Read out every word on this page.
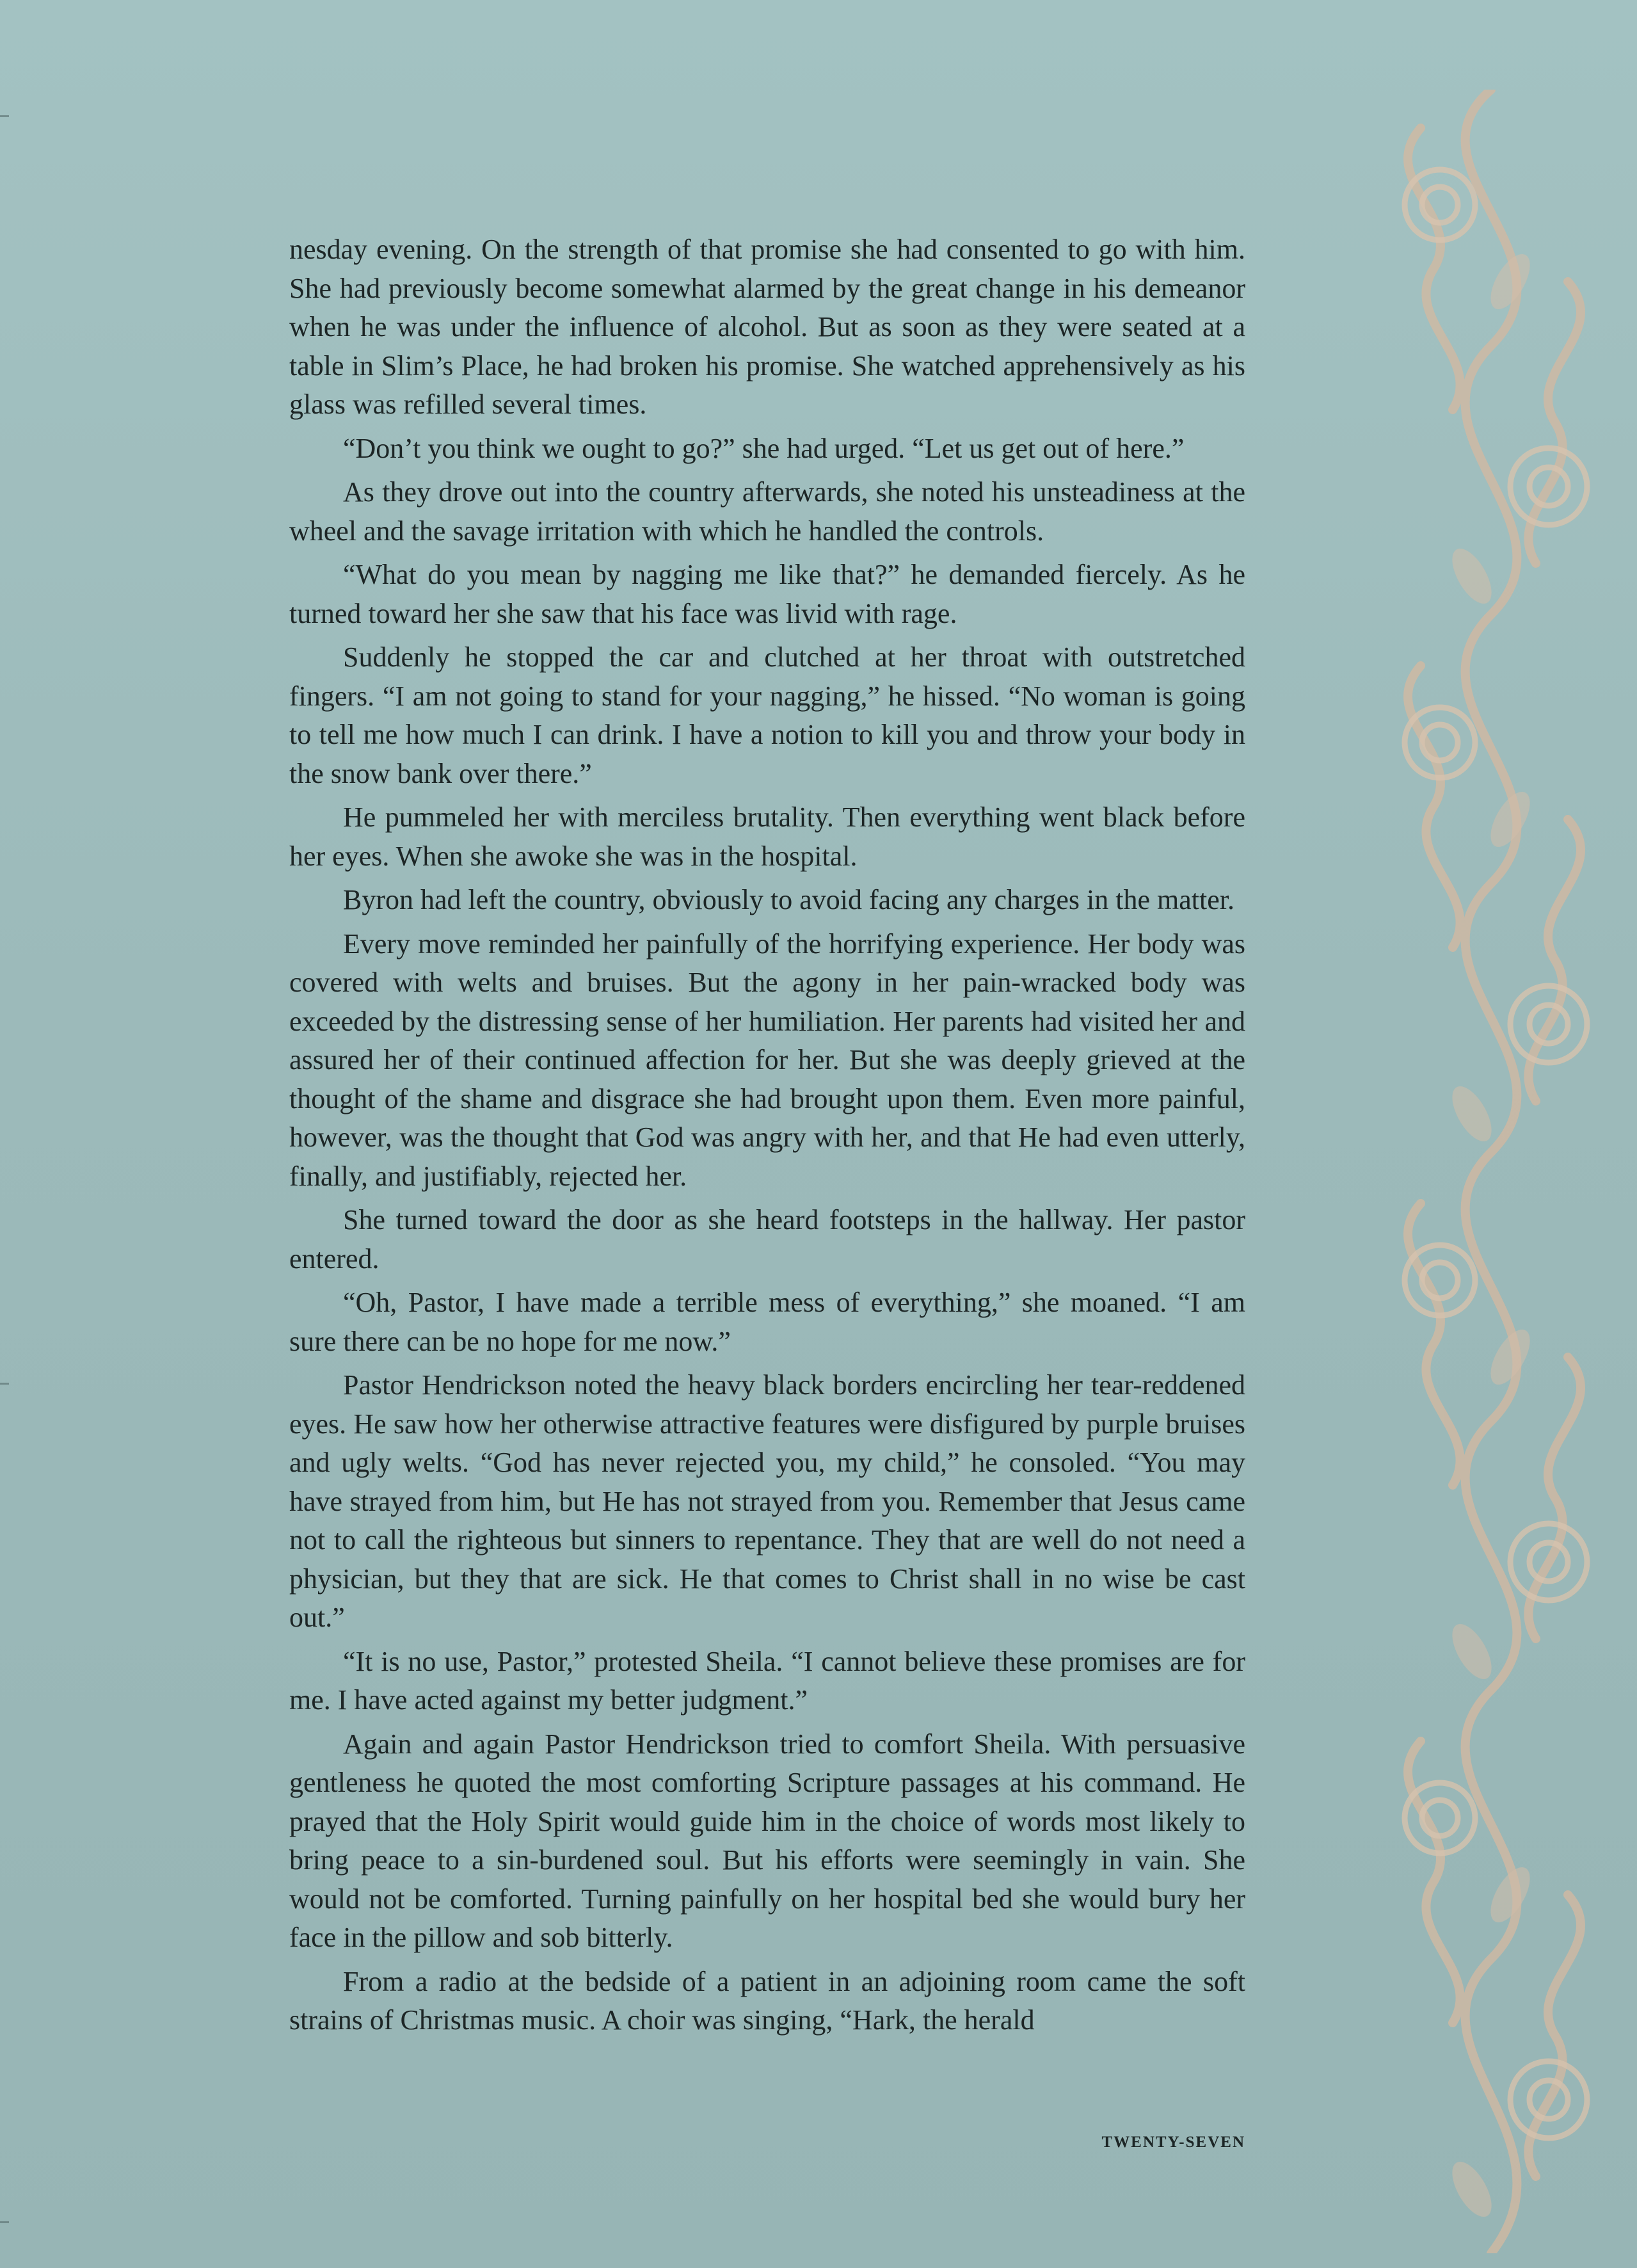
nesday evening. On the strength of that promise she had consented to go with him. She had previously become somewhat alarmed by the great change in his demeanor when he was under the influence of alcohol. But as soon as they were seated at a table in Slim’s Place, he had broken his promise. She watched apprehensively as his glass was refilled several times.

“Don’t you think we ought to go?” she had urged. “Let us get out of here.”

As they drove out into the country afterwards, she noted his unsteadiness at the wheel and the savage irritation with which he handled the controls.

“What do you mean by nagging me like that?” he demanded fiercely. As he turned toward her she saw that his face was livid with rage.

Suddenly he stopped the car and clutched at her throat with outstretched fingers. “I am not going to stand for your nagging,” he hissed. “No woman is going to tell me how much I can drink. I have a notion to kill you and throw your body in the snow bank over there.”

He pummeled her with merciless brutality. Then everything went black before her eyes. When she awoke she was in the hospital.

Byron had left the country, obviously to avoid facing any charges in the matter.

Every move reminded her painfully of the horrifying experience. Her body was covered with welts and bruises. But the agony in her pain-wracked body was exceeded by the distressing sense of her humiliation. Her parents had visited her and assured her of their continued affection for her. But she was deeply grieved at the thought of the shame and disgrace she had brought upon them. Even more painful, however, was the thought that God was angry with her, and that He had even utterly, finally, and justifiably, rejected her.

She turned toward the door as she heard footsteps in the hallway. Her pastor entered.

“Oh, Pastor, I have made a terrible mess of everything,” she moaned. “I am sure there can be no hope for me now.”

Pastor Hendrickson noted the heavy black borders encircling her tear-reddened eyes. He saw how her otherwise attractive features were disfigured by purple bruises and ugly welts. “God has never rejected you, my child,” he consoled. “You may have strayed from him, but He has not strayed from you. Remember that Jesus came not to call the righteous but sinners to repentance. They that are well do not need a physician, but they that are sick. He that comes to Christ shall in no wise be cast out.”

“It is no use, Pastor,” protested Sheila. “I cannot believe these promises are for me. I have acted against my better judgment.”

Again and again Pastor Hendrickson tried to comfort Sheila. With persuasive gentleness he quoted the most comforting Scripture passages at his command. He prayed that the Holy Spirit would guide him in the choice of words most likely to bring peace to a sin-burdened soul. But his efforts were seemingly in vain. She would not be comforted. Turning painfully on her hospital bed she would bury her face in the pillow and sob bitterly.

From a radio at the bedside of a patient in an adjoining room came the soft strains of Christmas music. A choir was singing, “Hark, the herald

TWENTY-SEVEN
